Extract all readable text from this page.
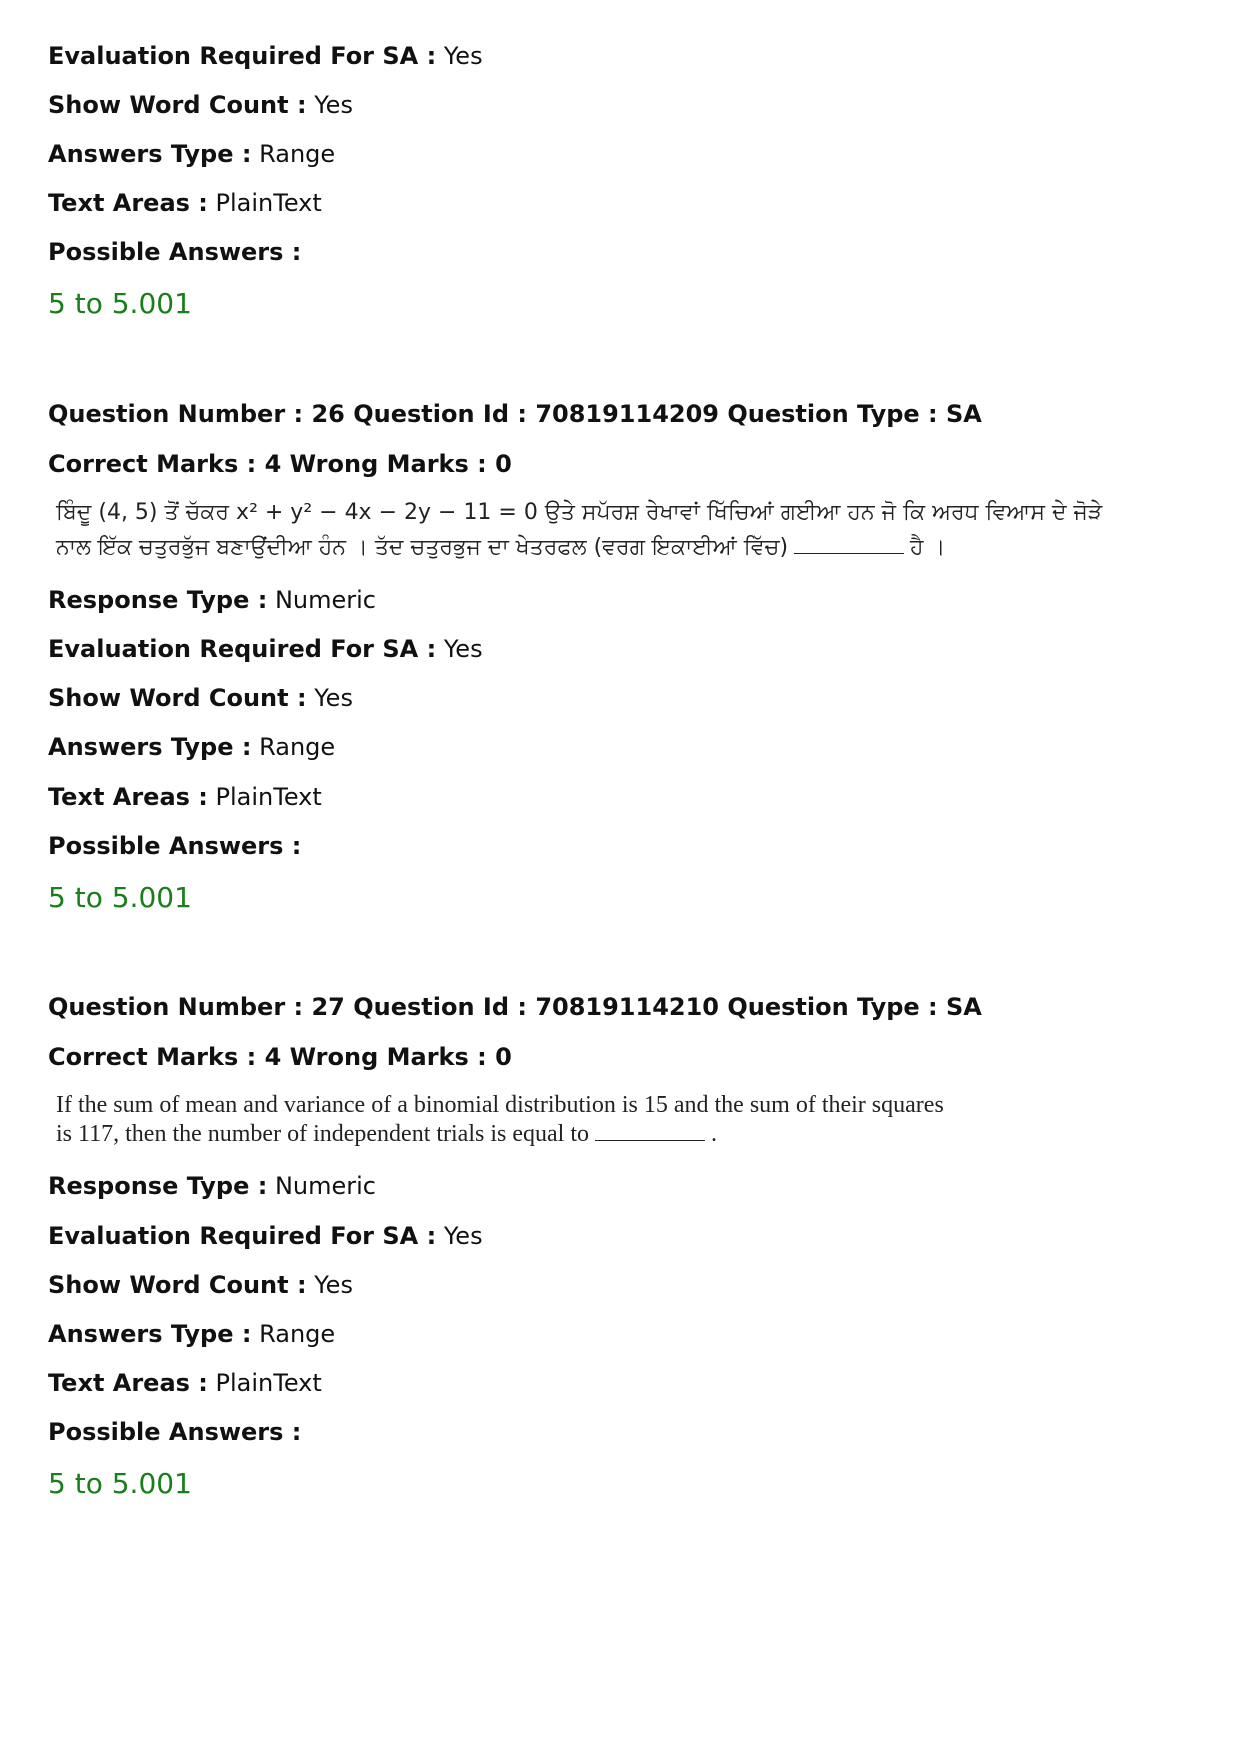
Evaluation Required For SA : Yes
Show Word Count : Yes
Answers Type : Range
Text Areas : PlainText
Possible Answers :
5 to 5.001
Question Number : 26 Question Id : 70819114209 Question Type : SA
Correct Marks : 4 Wrong Marks : 0
ਬਿੰਦੂ (4, 5) ਤੋਂ ਚੱਕਰ x² + y² − 4x − 2y − 11 = 0 ਉਤੇ ਸਪੱਰਸ਼ ਰੇਖਾਵਾਂ ਖਿੱਚਿਆਂ ਗਈਆ ਹਨ ਜੋ ਕਿ ਅਰਧ ਵਿਆਸ ਦੇ ਜੋੜੇ
ਨਾਲ ਇੱਕ ਚਤੁਰਭੁੱਜ ਬਣਾਉਂਦੀਆ ਹੰਨ । ਤੱਦ ਚਤੁਰਭੁਜ ਦਾ ਖੇਤਰਫਲ (ਵਰਗ ਇਕਾਈਆਂ ਵਿੱਚ)	ਹੈ ।
Response Type : Numeric
Evaluation Required For SA : Yes
Show Word Count : Yes
Answers Type : Range
Text Areas : PlainText
Possible Answers :
5 to 5.001
Question Number : 27 Question Id : 70819114210 Question Type : SA
Correct Marks : 4 Wrong Marks : 0
If the sum of mean and variance of a binomial distribution is 15 and the sum of their squares
is 117, then the number of independent trials is equal to	.
Response Type : Numeric
Evaluation Required For SA : Yes
Show Word Count : Yes
Answers Type : Range
Text Areas : PlainText
Possible Answers :
5 to 5.001
